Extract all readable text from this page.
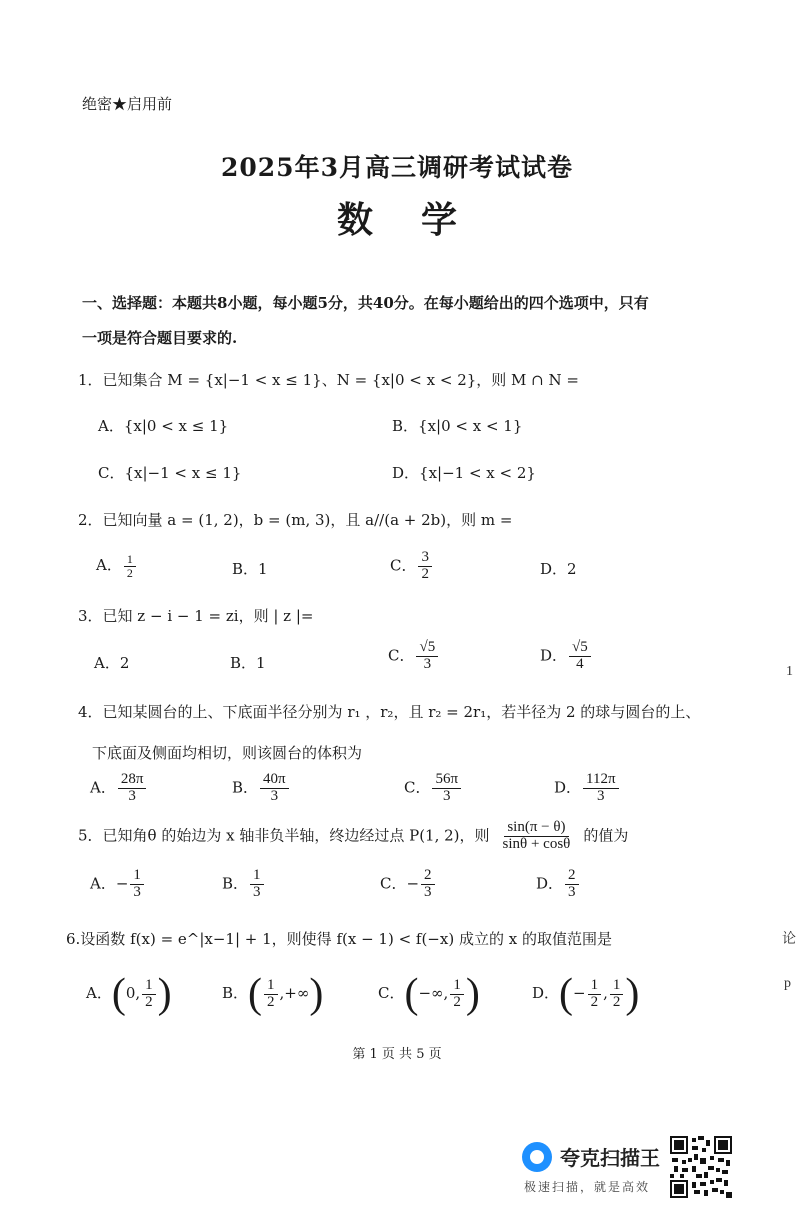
绝密★启用前
2025年3月高三调研考试试卷
数学
一、选择题：本题共8小题，每小题5分，共40分。在每小题给出的四个选项中，只有
一项是符合题目要求的.
1．已知集合 M = {x|−1 < x ≤ 1}、N = {x|0 < x < 2}，则 M ∩ N =
A．{x|0 < x ≤ 1}	B．{x|0 < x < 1}
C．{x|−1 < x ≤ 1}	D．{x|−1 < x < 2}
2．已知向量 a = (1, 2)，b = (m, 3)，且 a//(a + 2b)，则 m =
A． $\frac{1}{2}$	B．1	C． $\frac{3}{2}$	D．2
3．已知 z − i − 1 = zi，则 | z |=
A．2	B．1	C． $\frac{√5}{3}$	D． $\frac{√5}{4}$	1
4．已知某圆台的上、下底面半径分别为 r₁ ，r₂，且 r₂ = 2r₁，若半径为 2 的球与圆台的上、
下底面及侧面均相切，则该圆台的体积为
A． $\frac{28\pi}{3}$	B． $\frac{40\pi}{3}$	C． $\frac{56\pi}{3}$	D． $\frac{112\pi}{3}$
5．已知角θ 的始边为 x 轴非负半轴，终边经过点 P(1, 2)，则 $\frac{\sin(\pi - \theta)}{\sin\theta + \cos\theta}$ 的值为
A．− $\frac{1}{3}$	B． $\frac{1}{3}$	C．− $\frac{2}{3}$	D． $\frac{2}{3}$
6.设函数 f(x) = e^|x−1| + 1，则使得 f(x − 1) < f(−x) 成立的 x 的取值范围是	论
A．(0, $\frac{1}{2}$ )	B．( $\frac{1}{2}$ ,+∞)	C．(−∞, $\frac{1}{2}$ )	D．(− $\frac{1}{2}$ , $\frac{1}{2}$ )	p
第 1 页 共 5 页
夸克扫描王
极速扫描，就是高效
